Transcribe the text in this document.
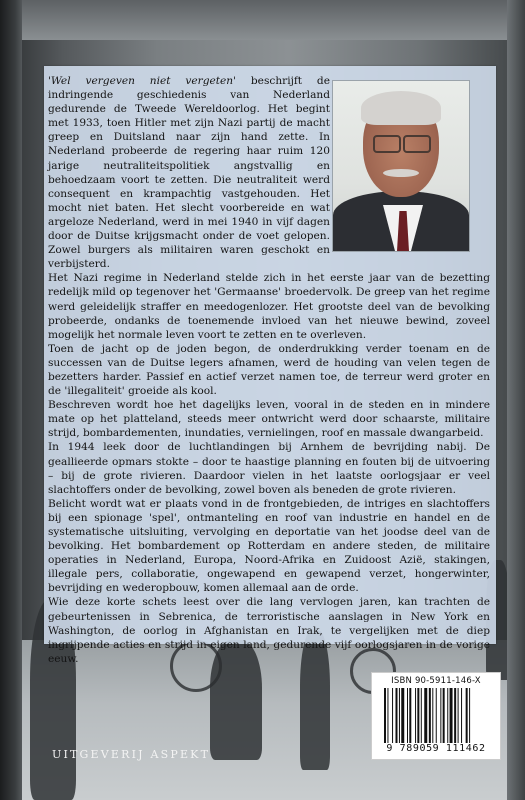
'Wel vergeven niet vergeten' beschrijft de indringende geschiedenis van Nederland gedurende de Tweede Wereldoorlog. Het begint met 1933, toen Hitler met zijn Nazi partij de macht greep en Duitsland naar zijn hand zette. In Nederland probeerde de regering haar ruim 120 jarige neutraliteitspolitiek angstvallig en behoedzaam voort te zetten. Die neutraliteit werd consequent en krampachtig vastgehouden. Het mocht niet baten. Het slecht voorbereide en wat argeloze Nederland, werd in mei 1940 in vijf dagen door de Duitse krijgsmacht onder de voet gelopen. Zowel burgers als militairen waren geschokt en verbijsterd.

Het Nazi regime in Nederland stelde zich in het eerste jaar van de bezetting redelijk mild op tegenover het 'Germaanse' broedervolk. De greep van het regime werd geleidelijk straffer en meedogenlozer. Het grootste deel van de bevolking probeerde, ondanks de toenemende invloed van het nieuwe bewind, zoveel mogelijk het normale leven voort te zetten en te overleven.

Toen de jacht op de joden begon, de onderdrukking verder toenam en de successen van de Duitse legers afnamen, werd de houding van velen tegen de bezetters harder. Passief en actief verzet namen toe, de terreur werd groter en de 'illegaliteit' groeide als kool.

Beschreven wordt hoe het dagelijks leven, vooral in de steden en in mindere mate op het platteland, steeds meer ontwricht werd door schaarste, militaire strijd, bombardementen, inundaties, vernielingen, roof en massale dwangarbeid.

In 1944 leek door de luchtlandingen bij Arnhem de bevrijding nabij. De geallieerde opmars stokte – door te haastige planning en fouten bij de uitvoering – bij de grote rivieren. Daardoor vielen in het laatste oorlogsjaar er veel slachtoffers onder de bevolking, zowel boven als beneden de grote rivieren.

Belicht wordt wat er plaats vond in de frontgebieden, de intriges en slachtoffers bij een spionage 'spel', ontmanteling en roof van industrie en handel en de systematische uitsluiting, vervolging en deportatie van het joodse deel van de bevolking. Het bombardement op Rotterdam en andere steden, de militaire operaties in Nederland, Europa, Noord-Afrika en Zuidoost Azië, stakingen, illegale pers, collaboratie, ongewapend en gewapend verzet, hongerwinter, bevrijding en wederopbouw, komen allemaal aan de orde.

Wie deze korte schets leest over die lang vervlogen jaren, kan trachten de gebeurtenissen in Sebrenica, de terroristische aanslagen in New York en Washington, de oorlog in Afghanistan en Irak, te vergelijken met de diep ingrijpende acties en strijd in eigen land, gedurende vijf oorlogsjaren in de vorige eeuw.

ISBN 90-5911-146-X
9 789059 111462
UITGEVERIJ ASPEKT
